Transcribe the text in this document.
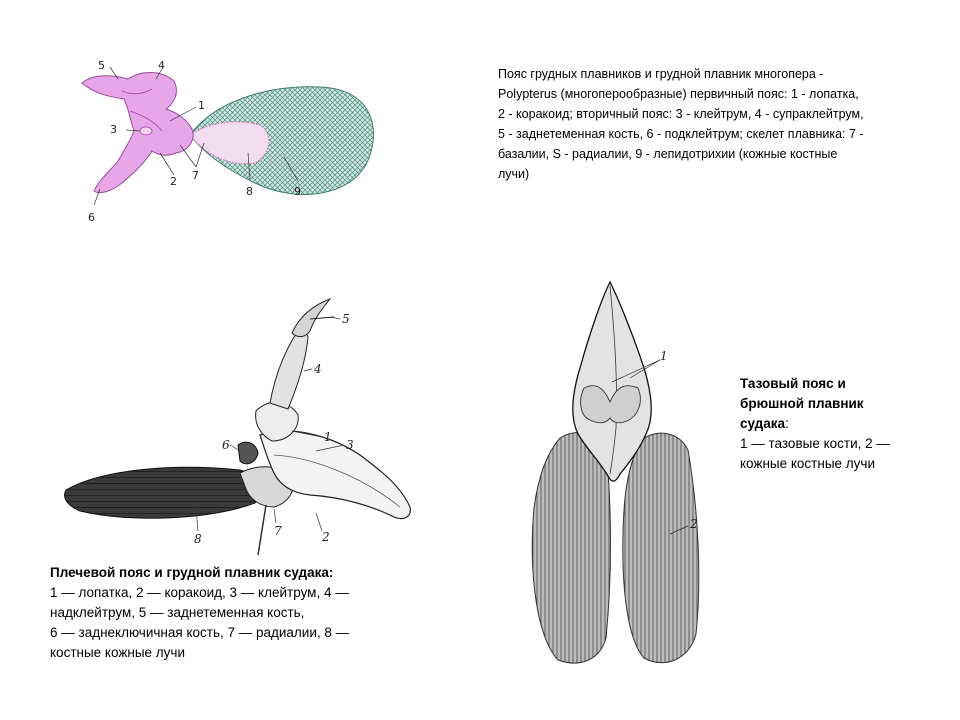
5	4
1
3
2 7
8	9
6
Пояс грудных плавников и грудной плавник многопера - Polypterus (многоперообразные) первичный пояс: 1 - лопатка, 2 - коракоид; вторичный пояс: 3 - клейтрум, 4 - супраклейтрум, 5 - заднетеменная кость, 6 - подклейтрум; скелет плавника: 7 - базалии, S - радиалии, 9 - лепидотрихии (кожные костные лучи)
5
4
1
3
6
7	2
8
Плечевой пояс и грудной плавник судака:
1 — лопатка, 2 — коракоид, 3 — клейтрум, 4 —
надклейтрум, 5 — заднетеменная кость,
6 — заднеключичная кость, 7 — радиалии, 8 —
костные кожные лучи
1
2
Тазовый пояс и
брюшной плавник
судака:
1 — тазовые кости, 2 —
кожные костные лучи
